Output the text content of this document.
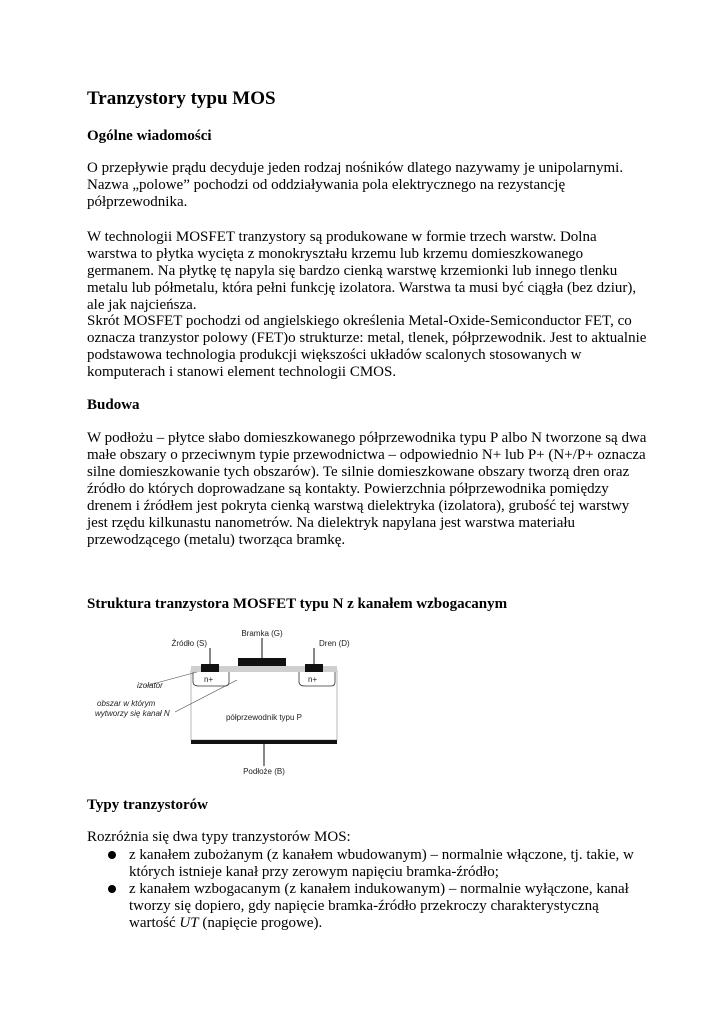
Tranzystory typu MOS
Ogólne wiadomości

O przepływie prądu decyduje jeden rodzaj nośników dlatego nazywamy je unipolarnymi. Nazwa „polowe” pochodzi od oddziaływania pola elektrycznego na rezystancję półprzewodnika.

W technologii MOSFET tranzystory są produkowane w formie trzech warstw. Dolna warstwa to płytka wycięta z monokryształu krzemu lub krzemu domieszkowanego germanem. Na płytkę tę napyla się bardzo cienką warstwę krzemionki lub innego tlenku metalu lub półmetalu, która pełni funkcję izolatora. Warstwa ta musi być ciągła (bez dziur), ale jak najcieńsza.

Skrót MOSFET pochodzi od angielskiego określenia Metal-Oxide-Semiconductor FET, co oznacza tranzystor polowy (FET)o strukturze: metal, tlenek, półprzewodnik. Jest to aktualnie podstawowa technologia produkcji większości układów scalonych stosowanych w komputerach i stanowi element technologii CMOS.

Budowa

W podłożu – płytce słabo domieszkowanego półprzewodnika typu P albo N tworzone są dwa małe obszary o przeciwnym typie przewodnictwa – odpowiednio N+ lub P+ (N+/P+ oznacza silne domieszkowanie tych obszarów). Te silnie domieszkowane obszary tworzą dren oraz źródło do których doprowadzane są kontakty. Powierzchnia półprzewodnika pomiędzy drenem i źródłem jest pokryta cienką warstwą dielektryka (izolatora), grubość tej warstwy jest rzędu kilkunastu nanometrów. Na dielektryk napylana jest warstwa materiału przewodzącego (metalu) tworząca bramkę.

Struktura tranzystora MOSFET typu N z kanałem wzbogacanym
Bramka (G)
Źródło (S)	Dren (D)
izolator
n+	n+
obszar w którym
wytworzy się kanał N	półprzewodnik typu P
Podłoże (B)
Typy tranzystorów

Rozróżnia się dwa typy tranzystorów MOS:

z kanałem zubożanym (z kanałem wbudowanym) – normalnie włączone, tj. takie, w których istnieje kanał przy zerowym napięciu bramka-źródło;
z kanałem wzbogacanym (z kanałem indukowanym) – normalnie wyłączone, kanał tworzy się dopiero, gdy napięcie bramka-źródło przekroczy charakterystyczną wartość UT (napięcie progowe).
